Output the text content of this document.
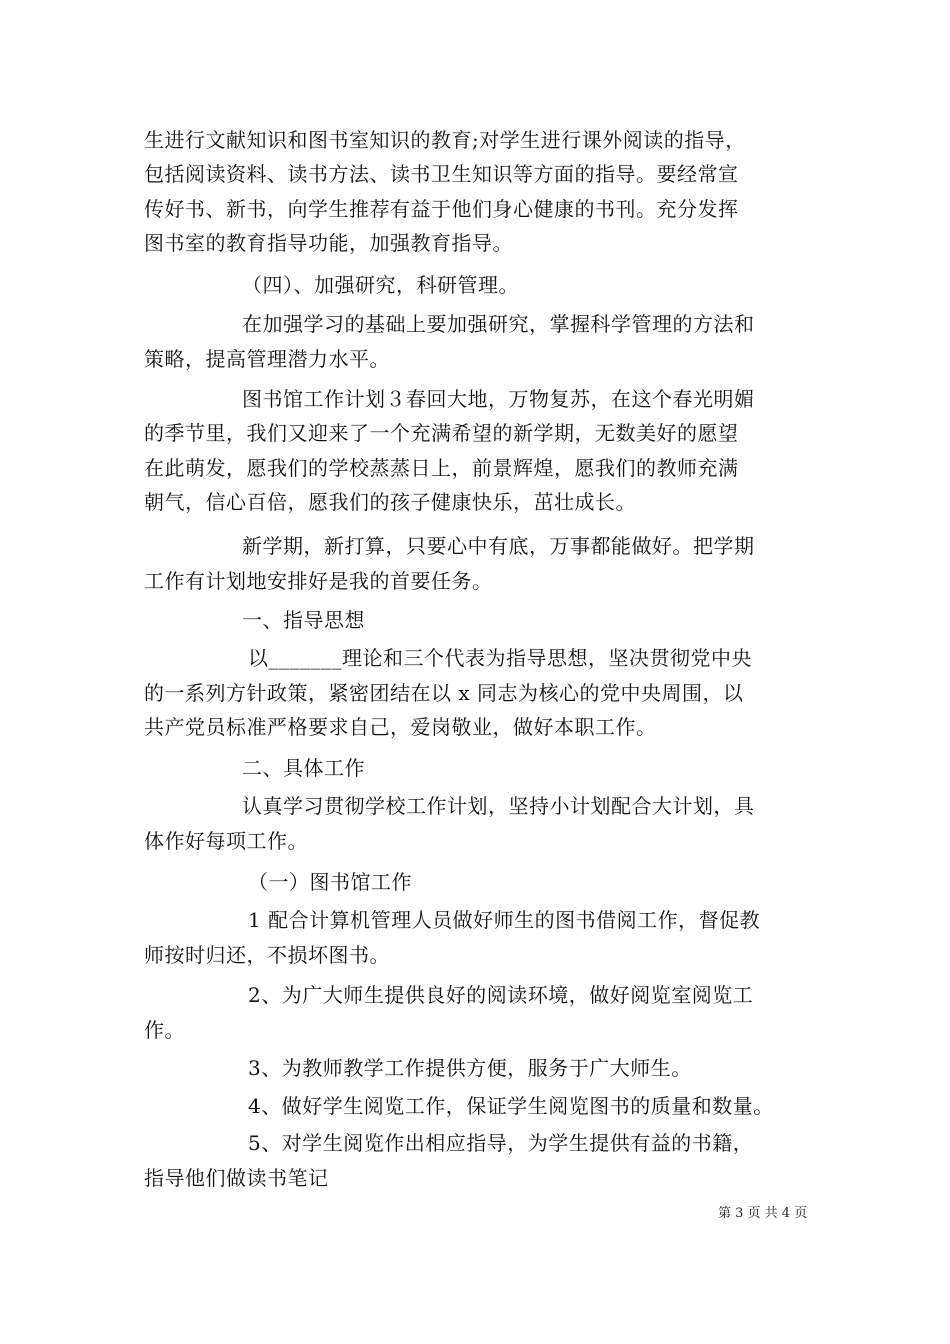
生进行文献知识和图书室知识的教育;对学生进行课外阅读的指导，
包括阅读资料、读书方法、读书卫生知识等方面的指导。要经常宣
传好书、新书，向学生推荐有益于他们身心健康的书刊。充分发挥
图书室的教育指导功能，加强教育指导。
（四）、加强研究，科研管理。
在加强学习的基础上要加强研究，掌握科学管理的方法和
策略，提高管理潜力水平。
图书馆工作计划３春回大地，万物复苏，在这个春光明媚
的季节里，我们又迎来了一个充满希望的新学期，无数美好的愿望
在此萌发，愿我们的学校蒸蒸日上，前景辉煌，愿我们的教师充满
朝气，信心百倍，愿我们的孩子健康快乐，茁壮成长。
新学期，新打算，只要心中有底，万事都能做好。把学期
工作有计划地安排好是我的首要任务。
一、指导思想
以_______理论和三个代表为指导思想，坚决贯彻党中央
的一系列方针政策，紧密团结在以 x 同志为核心的党中央周围，以
共产党员标准严格要求自己，爱岗敬业，做好本职工作。
二、具体工作
认真学习贯彻学校工作计划，坚持小计划配合大计划，具
体作好每项工作。
（一）图书馆工作
1 配合计算机管理人员做好师生的图书借阅工作，督促教
师按时归还，不损坏图书。
2、为广大师生提供良好的阅读环境，做好阅览室阅览工
作。
3、为教师教学工作提供方便，服务于广大师生。
4、做好学生阅览工作，保证学生阅览图书的质量和数量。
5、对学生阅览作出相应指导，为学生提供有益的书籍，
指导他们做读书笔记
第 3 页 共 4 页
